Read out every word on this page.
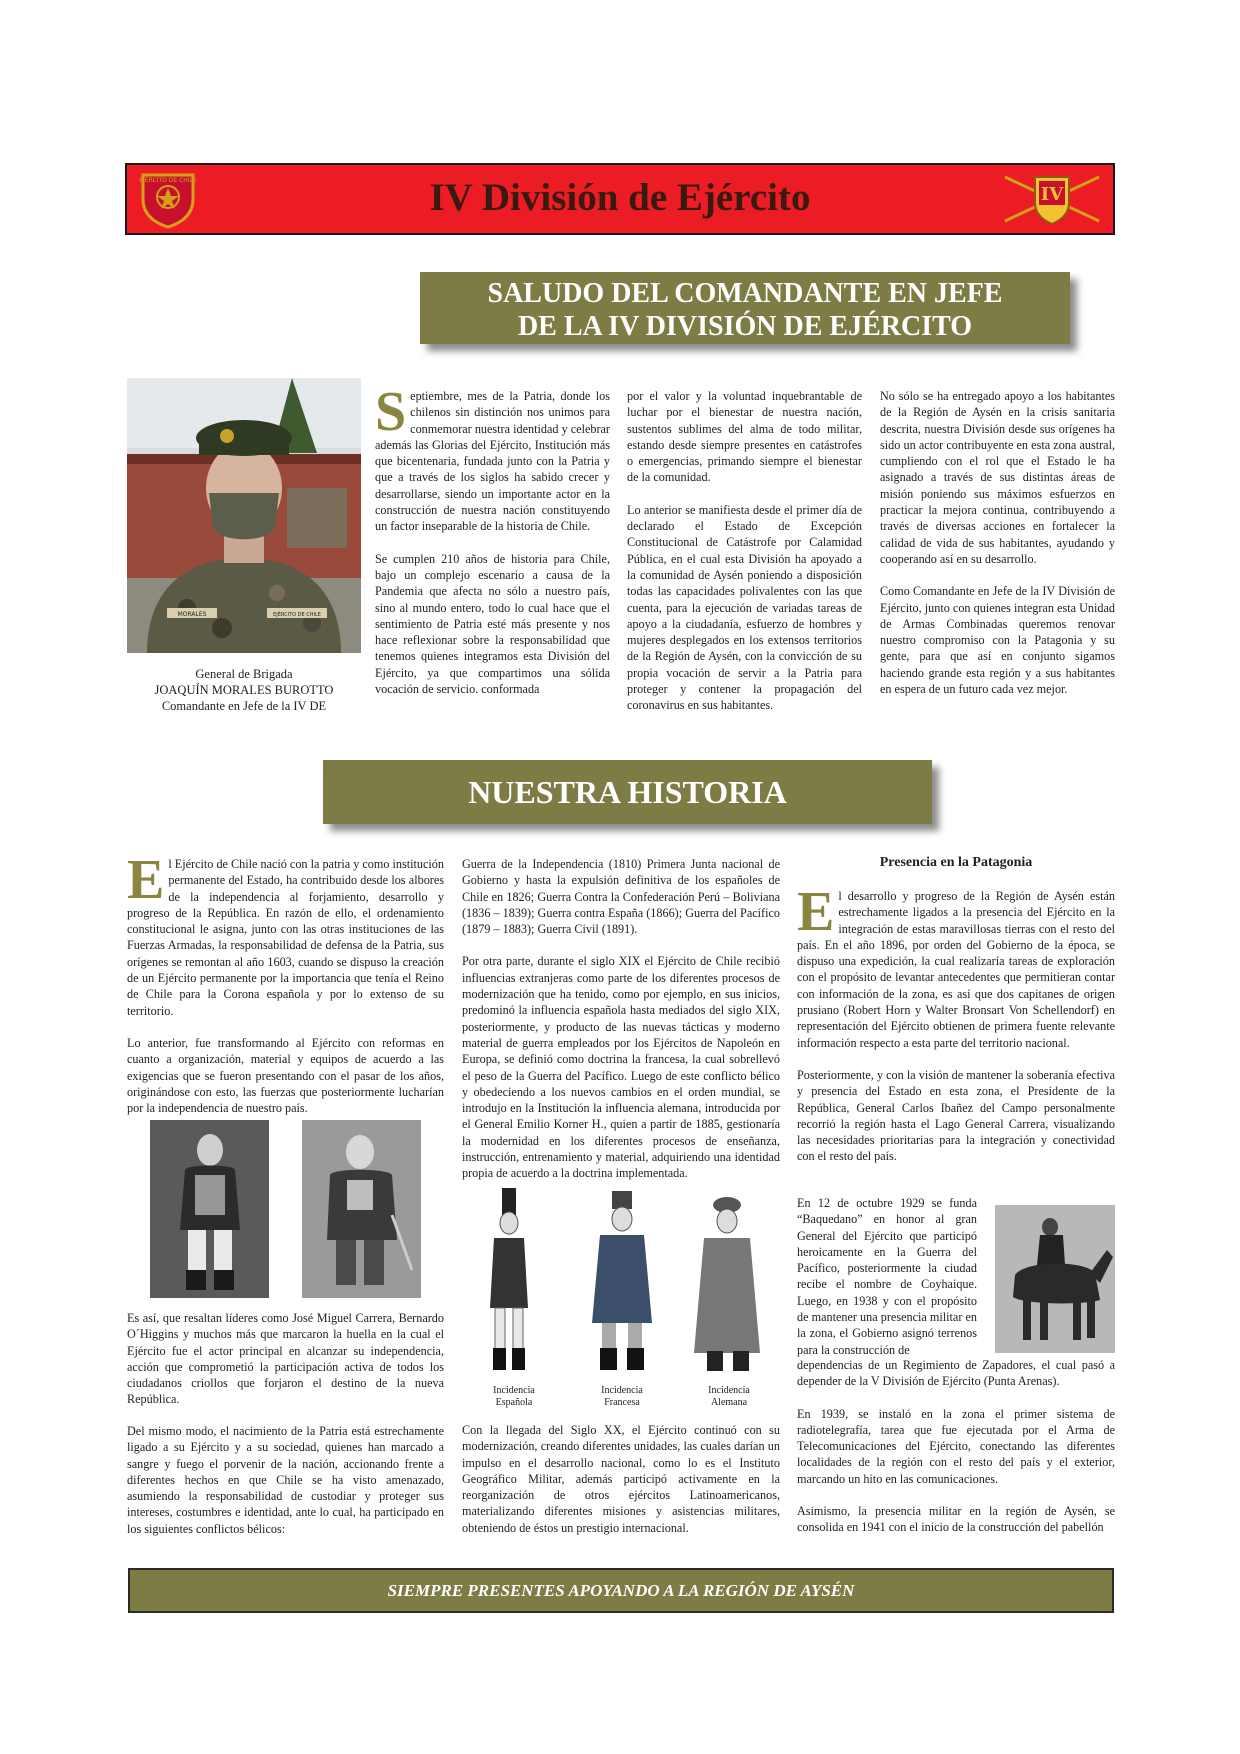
EJÉRCITO DE CHILE	IV División de Ejército	IV
SALUDO DEL COMANDANTE EN JEFE
DE LA IV DIVISIÓN DE EJÉRCITO
MORALES	EJÉRCITO DE CHILE
General de Brigada
JOAQUÍN MORALES BUROTTO
Comandante en Jefe de la IV DE

Septiembre, mes de la Patria, donde los chilenos sin distinción nos unimos para conmemorar nuestra identidad y celebrar además las Glorias del Ejército, Institución más que bicentenaria, fundada junto con la Patria y que a través de los siglos ha sabido crecer y desarrollarse, siendo un importante actor en la construcción de nuestra nación constituyendo un factor inseparable de la historia de Chile.

Se cumplen 210 años de historia para Chile, bajo un complejo escenario a causa de la Pandemia que afecta no sólo a nuestro país, sino al mundo entero, todo lo cual hace que el sentimiento de Patria esté más presente y nos hace reflexionar sobre la responsabilidad que tenemos quienes integramos esta División del Ejército, ya que compartimos una sólida vocación de servicio. conformada

por el valor y la voluntad inquebrantable de luchar por el bienestar de nuestra nación, sustentos sublimes del alma de todo militar, estando desde siempre presentes en catástrofes o emergencias, primando siempre el bienestar de la comunidad.

Lo anterior se manifiesta desde el primer día de declarado el Estado de Excepción Constitucional de Catástrofe por Calamidad Pública, en el cual esta División ha apoyado a la comunidad de Aysén poniendo a disposición todas las capacidades polivalentes con las que cuenta, para la ejecución de variadas tareas de apoyo a la ciudadanía, esfuerzo de hombres y mujeres desplegados en los extensos territorios de la Región de Aysén, con la convicción de su propia vocación de servir a la Patria para proteger y contener la propagación del coronavirus en sus habitantes.

No sólo se ha entregado apoyo a los habitantes de la Región de Aysén en la crisis sanitaria descrita, nuestra División desde sus orígenes ha sido un actor contribuyente en esta zona austral, cumpliendo con el rol que el Estado le ha asignado a través de sus distintas áreas de misión poniendo sus máximos esfuerzos en practicar la mejora continua, contribuyendo a través de diversas acciones en fortalecer la calidad de vida de sus habitantes, ayudando y cooperando así en su desarrollo.

Como Comandante en Jefe de la IV División de Ejército, junto con quienes integran esta Unidad de Armas Combinadas queremos renovar nuestro compromiso con la Patagonia y su gente, para que así en conjunto sigamos haciendo grande esta región y a sus habitantes en espera de un futuro cada vez mejor.

NUESTRA HISTORIA

El Ejército de Chile nació con la patria y como institución permanente del Estado, ha contribuido desde los albores de la independencia al forjamiento, desarrollo y progreso de la República. En razón de ello, el ordenamiento constitucional le asigna, junto con las otras instituciones de las Fuerzas Armadas, la responsabilidad de defensa de la Patria, sus orígenes se remontan al año 1603, cuando se dispuso la creación de un Ejército permanente por la importancia que tenía el Reino de Chile para la Corona española y por lo extenso de su territorio.

Lo anterior, fue transformando al Ejército con reformas en cuanto a organización, material y equipos de acuerdo a las exigencias que se fueron presentando con el pasar de los años, originándose con esto, las fuerzas que posteriormente lucharían por la independencia de nuestro país.

Es así, que resaltan líderes como José Miguel Carrera, Bernardo O´Higgins y muchos más que marcaron la huella en la cual el Ejército fue el actor principal en alcanzar su independencia, acción que comprometió la participación activa de todos los ciudadanos criollos que forjaron el destino de la nueva República.

Del mismo modo, el nacimiento de la Patria está estrechamente ligado a su Ejército y a su sociedad, quienes han marcado a sangre y fuego el porvenir de la nación, accionando frente a diferentes hechos en que Chile se ha visto amenazado, asumiendo la responsabilidad de custodiar y proteger sus intereses, costumbres e identidad, ante lo cual, ha participado en los siguientes conflictos bélicos:

Guerra de la Independencia (1810) Primera Junta nacional de Gobierno y hasta la expulsión definitiva de los españoles de Chile en 1826; Guerra Contra la Confederación Perú – Boliviana (1836 – 1839); Guerra contra España (1866); Guerra del Pacífico (1879 – 1883); Guerra Civil (1891).

Por otra parte, durante el siglo XIX el Ejército de Chile recibió influencias extranjeras como parte de los diferentes procesos de modernización que ha tenido, como por ejemplo, en sus inicios, predominó la influencia española hasta mediados del siglo XIX, posteriormente, y producto de las nuevas tácticas y moderno material de guerra empleados por los Ejércitos de Napoleón en Europa, se definió como doctrina la francesa, la cual sobrellevó el peso de la Guerra del Pacífico. Luego de este conflicto bélico y obedeciendo a los nuevos cambios en el orden mundial, se introdujo en la Institución la influencia alemana, introducida por el General Emilio Korner H., quien a partir de 1885, gestionaría la modernidad en los diferentes procesos de enseñanza, instrucción, entrenamiento y material, adquiriendo una identidad propia de acuerdo a la doctrina implementada.

Incidencia
Española
Incidencia
Francesa
Incidencia
Alemana

Con la llegada del Siglo XX, el Ejército continuó con su modernización, creando diferentes unidades, las cuales darían un impulso en el desarrollo nacional, como lo es el Instituto Geográfico Militar, además participó activamente en la reorganización de otros ejércitos Latinoamericanos, materializando diferentes misiones y asistencias militares, obteniendo de éstos un prestigio internacional.

Presencia en la Patagonia

El desarrollo y progreso de la Región de Aysén están estrechamente ligados a la presencia del Ejército en la integración de estas maravillosas tierras con el resto del país. En el año 1896, por orden del Gobierno de la época, se dispuso una expedición, la cual realizaría tareas de exploración con el propósito de levantar antecedentes que permitieran contar con información de la zona, es así que dos capitanes de origen prusiano (Robert Horn y Walter Bronsart Von Schellendorf) en representación del Ejército obtienen de primera fuente relevante información respecto a esta parte del territorio nacional.

Posteriormente, y con la visión de mantener la soberanía efectiva y presencia del Estado en esta zona, el Presidente de la República, General Carlos Ibañez del Campo personalmente recorrió la región hasta el Lago General Carrera, visualizando las necesidades prioritarias para la integración y conectividad con el resto del país.

En 12 de octubre 1929 se funda “Baquedano” en honor al gran General del Ejército que participó heroicamente en la Guerra del Pacífico, posteriormente la ciudad recibe el nombre de Coyhaique. Luego, en 1938 y con el propósito de mantener una presencia militar en la zona, el Gobierno asignó terrenos para la construcción de

dependencias de un Regimiento de Zapadores, el cual pasó a depender de la V División de Ejército (Punta Arenas).

En 1939, se instaló en la zona el primer sistema de radiotelegrafía, tarea que fue ejecutada por el Arma de Telecomunicaciones del Ejército, conectando las diferentes localidades de la región con el resto del país y el exterior, marcando un hito en las comunicaciones.

Asimismo, la presencia militar en la región de Aysén, se consolida en 1941 con el inicio de la construcción del pabellón

SIEMPRE PRESENTES APOYANDO A LA REGIÓN DE AYSÉN
